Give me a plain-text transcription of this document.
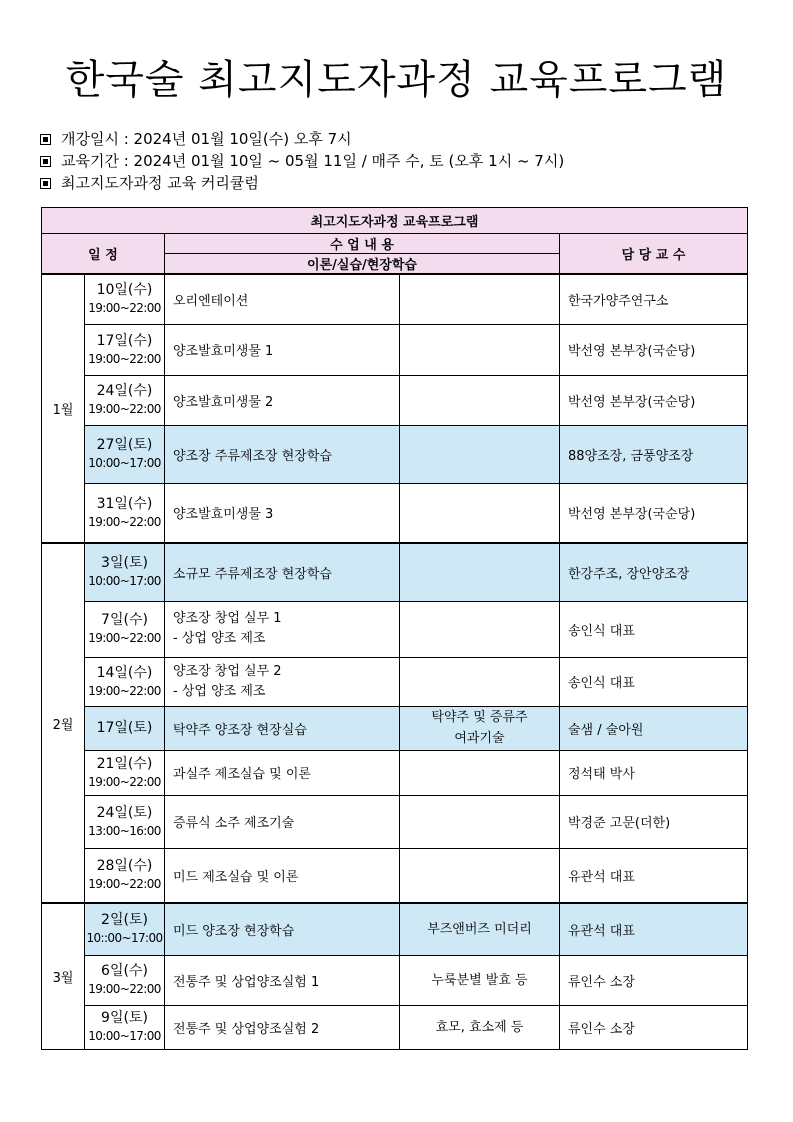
한국술 최고지도자과정 교육프로그램
개강일시 : 2024년 01월 10일(수) 오후 7시
교육기간 : 2024년 01월 10일 ~ 05월 11일 / 매주 수, 토 (오후 1시 ~ 7시)
최고지도자과정 교육 커리큘럼
최고지도자과정 교육프로그램				
일 정		수 업 내 용		담 당 교 수
		이론/실습/현장학습		
1월	10일(수)
19:00~22:00	오리엔테이션		한국가양주연구소

	17일(수)
19:00~22:00	양조발효미생물 1		박선영 본부장(국순당)

	24일(수)
19:00~22:00	양조발효미생물 2		박선영 본부장(국순당)

	27일(토)
10:00~17:00	양조장 주류제조장 현장학습		88양조장, 금풍양조장

	31일(수)
19:00~22:00	양조발효미생물 3		박선영 본부장(국순당)
2월	3일(토)
10:00~17:00	소규모 주류제조장 현장학습		한강주조, 장안양조장

	7일(수)
19:00~22:00	양조장 창업 실무 1
- 상업 양조 제조		송인식 대표

	14일(수)
19:00~22:00	양조장 창업 실무 2
- 상업 양조 제조		송인식 대표

	17일(토)	탁약주 양조장 현장실습	탁약주 및 증류주
여과기술	술샘 / 술아원

	21일(수)
19:00~22:00	과실주 제조실습 및 이론		정석태 박사

	24일(토)
13:00~16:00	증류식 소주 제조기술		박경준 고문(더한)

	28일(수)
19:00~22:00	미드 제조실습 및 이론		유관석 대표
3월	2일(토)
10::00~17:00	미드 양조장 현장학습	부즈앤버즈 미더리	유관석 대표

	6일(수)
19:00~22:00	전통주 및 상업양조실험 1	누룩분별 발효 등	류인수 소장

	9일(토)
10:00~17:00	전통주 및 상업양조실험 2	효모, 효소제 등	류인수 소장
